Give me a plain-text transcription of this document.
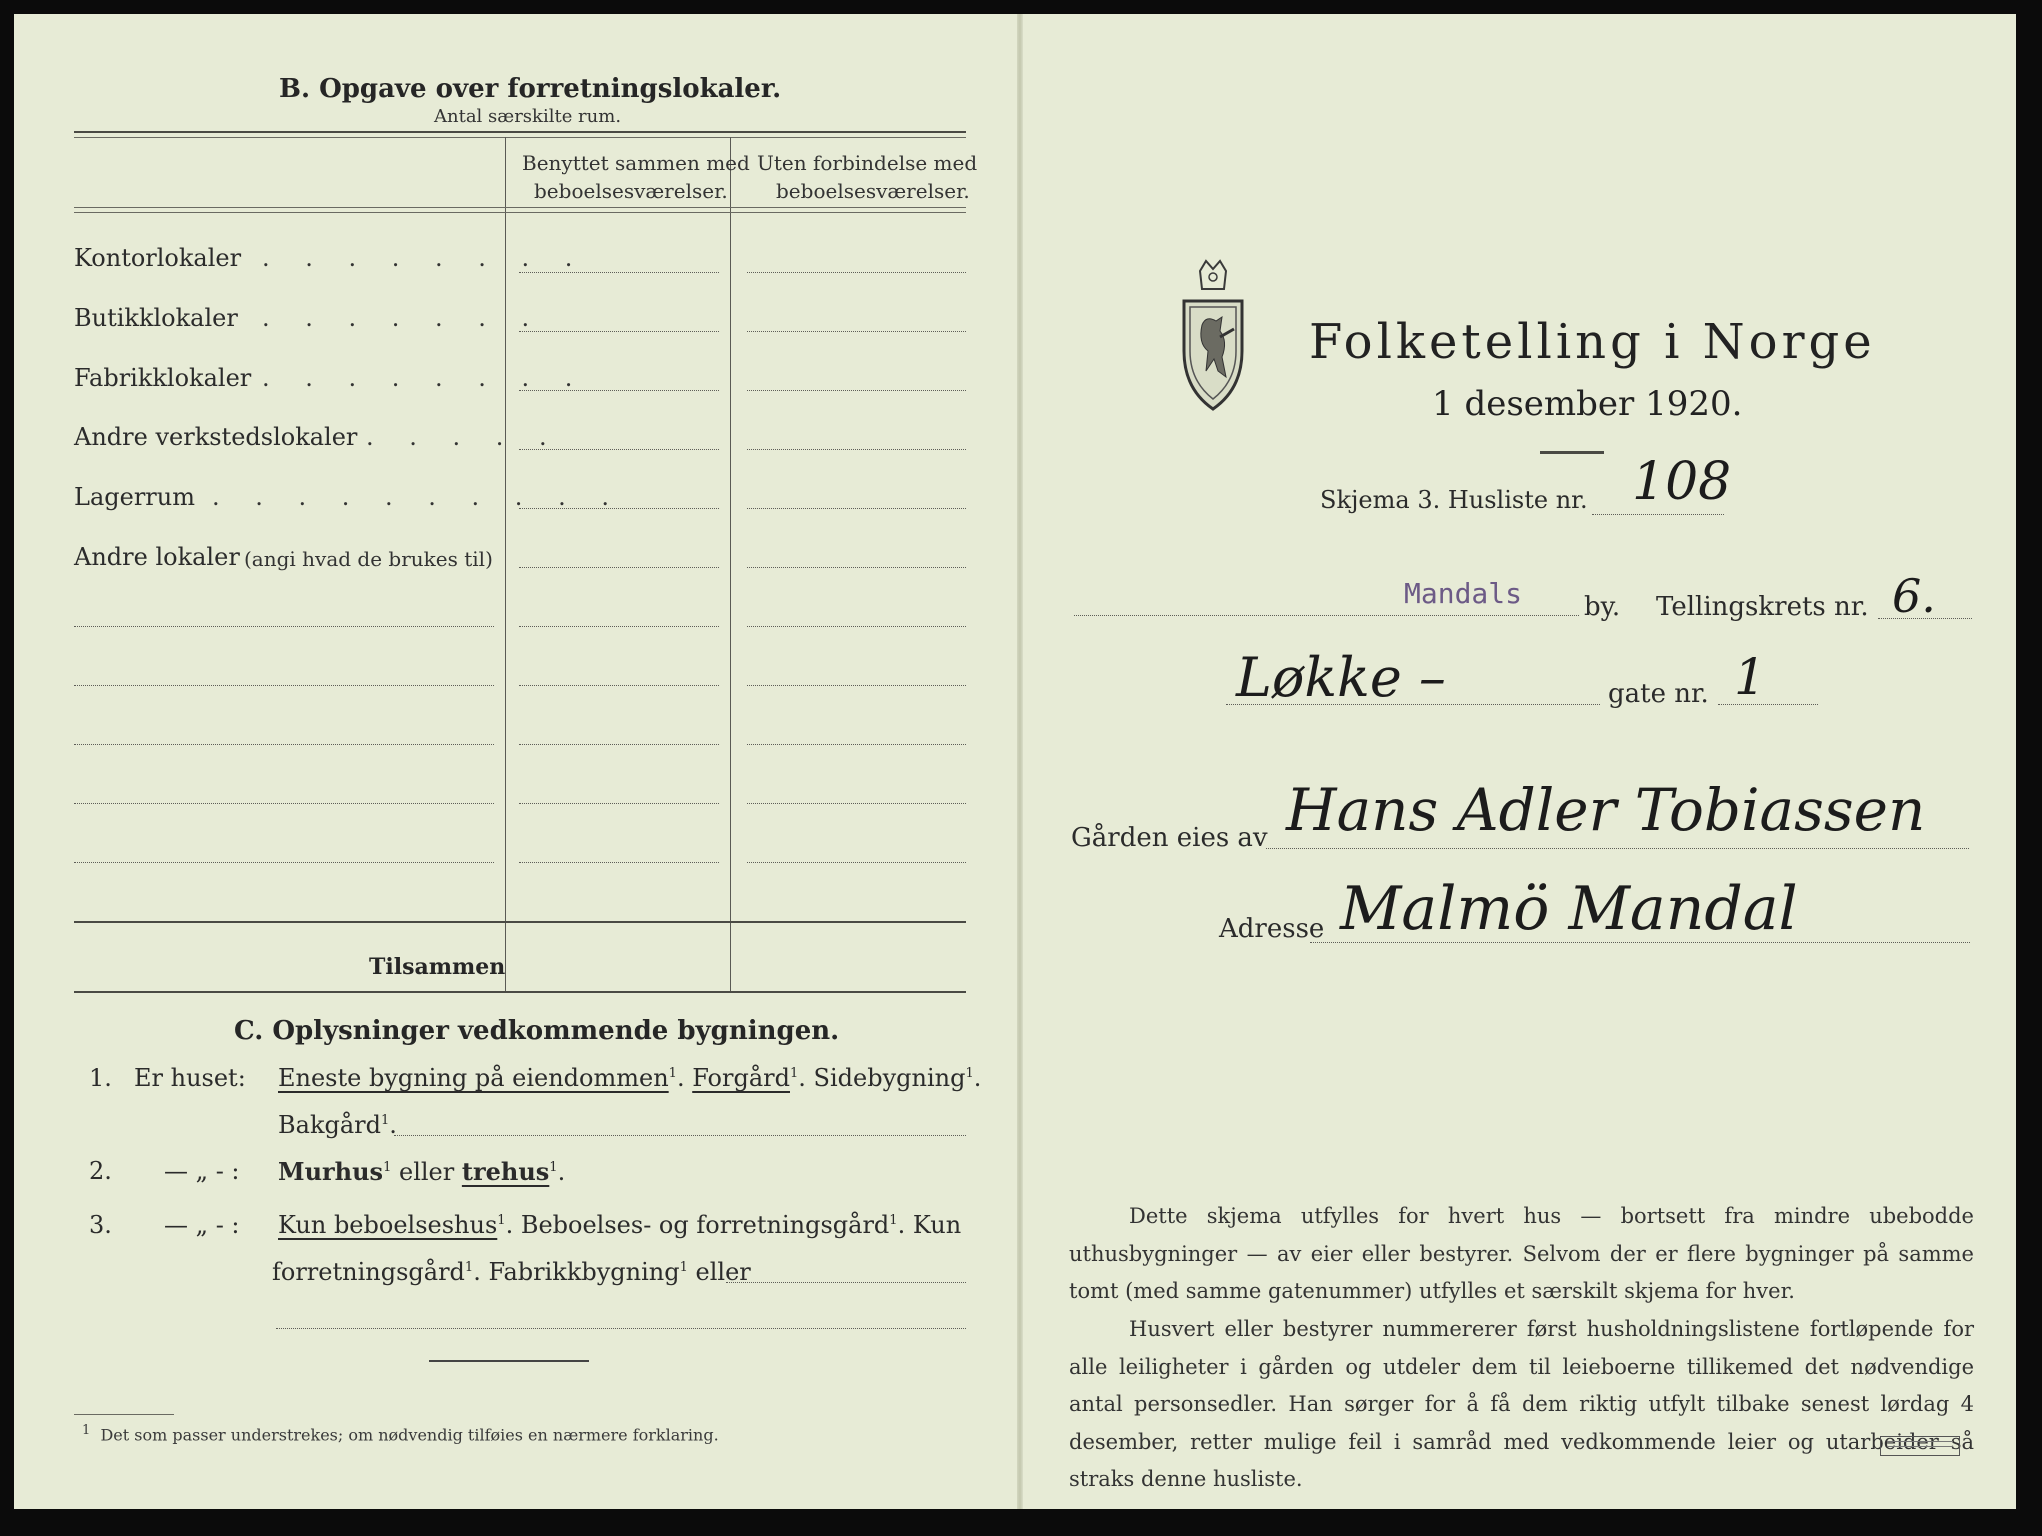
B. Opgave over forretningslokaler.
Antal særskilte rum.
Benyttet sammen med
beboelsesværelser.
Uten forbindelse med
beboelsesværelser.
Kontorlokaler . . . . . . . .
Butikklokaler . . . . . . .
Fabrikklokaler . . . . . . . .
Andre verkstedslokaler . . . . .
Lagerrum . . . . . . . . . .
Andre lokaler (angi hvad de brukes til)
Tilsammen
C. Oplysninger vedkommende bygningen.
1. Er huset: Eneste bygning på eiendommen$^1$. Forgård$^1$. Sidebygning$^1$.
Bakgård$^1$.
2. — „ - : Murhus$^1$ eller trehus$^1$.
3. — „ - : Kun beboelseshus$^1$. Beboelses- og forretningsgård$^1$. Kun
forretningsgård$^1$. Fabrikkbygning$^1$ eller
$^1$ Det som passer understrekes; om nødvendig tilføies en nærmere forklaring.
Folketelling i Norge
1 desember 1920.
Skjema 3. Husliste nr. 108
Mandals by. Tellingskrets nr. 6.
Løkke –	gate nr. 1
Gården eies av Hans Adler Tobiassen
Adresse Malmö Mandal
Dette skjema utfylles for hvert hus — bortsett fra mindre ubebodde uthusbygninger — av eier eller bestyrer. Selvom der er flere bygninger på samme tomt (med samme gatenummer) utfylles et særskilt skjema for hver.
Husvert eller bestyrer nummererer først husholdningslistene fortløpende for alle leiligheter i gården og utdeler dem til leieboerne tillikemed det nødvendige antal personsedler. Han sørger for å få dem riktig utfylt tilbake senest lørdag 4 desember, retter mulige feil i samråd med vedkommende leier og utarbeider så straks denne husliste.
